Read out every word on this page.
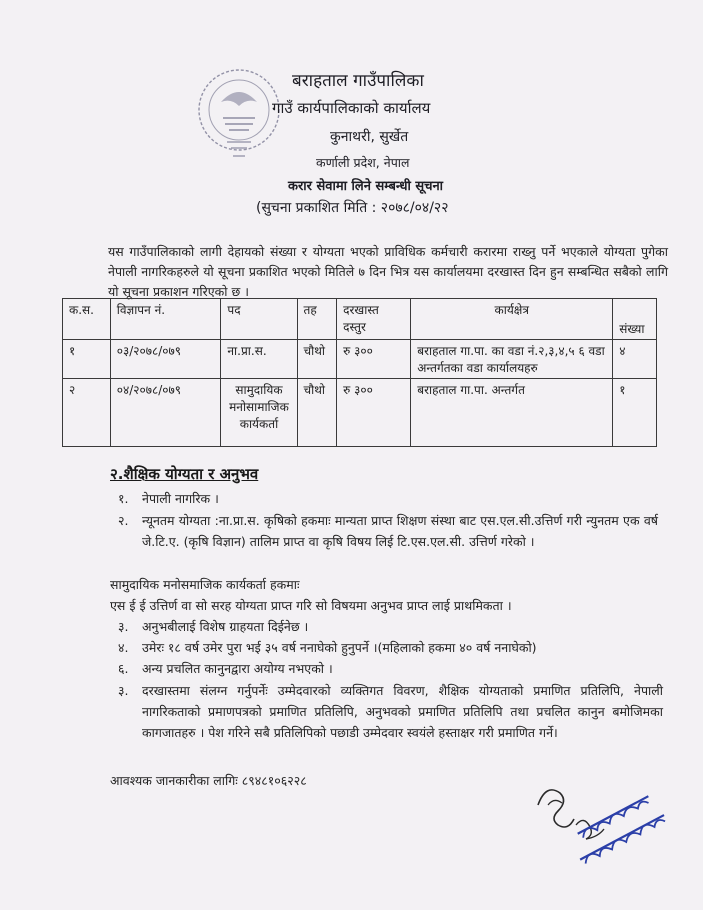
बराहताल गाउँपालिका
गाउँ कार्यपालिकाको कार्यालय
कुनाथरी, सुर्खेत
कर्णाली प्रदेश, नेपाल
करार सेवामा लिने सम्बन्धी सूचना
(सुचना प्रकाशित मिति : २०७८/०४/२२
यस गाउँपालिकाको लागी देहायको संख्या र योग्यता भएको प्राविधिक कर्मचारी करारमा राख्नु पर्ने भएकाले योग्यता पुगेका नेपाली नागरिकहरुले यो सूचना प्रकाशित भएको मितिले ७ दिन भित्र यस कार्यालयमा दरखास्त दिन हुन सम्बन्धित सबैको लागि यो सूचना प्रकाशन गरिएको छ ।
क.स.	विज्ञापन नं.	पद	तह	दरखास्त दस्तुर	कार्यक्षेत्र	संख्या
१	०३/२०७८/०७९	ना.प्रा.स.	चौथो	रु ३००	बराहताल गा.पा. का वडा नं.२,३,४,५ ६ वडा अन्तर्गतका वडा कार्यालयहरु	४
२	०४/२०७८/०७९	सामुदायिक मनोसामाजिक कार्यकर्ता	चौथो	रु ३००	बराहताल गा.पा. अन्तर्गत	१
२.शैक्षिक योग्यता र अनुभव
१.	नेपाली नागरिक ।
२.	न्यूनतम योग्यता :ना.प्रा.स. कृषिको हकमाः मान्यता प्राप्त शिक्षण संस्था बाट एस.एल.सी.उत्तिर्ण गरी न्युनतम एक वर्ष जे.टि.ए. (कृषि विज्ञान) तालिम प्राप्त वा कृषि विषय लिई टि.एस.एल.सी. उत्तिर्ण गरेको ।
सामुदायिक मनोसमाजिक कार्यकर्ता हकमाः
एस ई ई उत्तिर्ण वा सो सरह योग्यता प्राप्त गरि सो विषयमा अनुभव प्राप्त लाई प्राथमिकता ।
३.	अनुभबीलाई विशेष ग्राहयता दिईनेछ ।
४.	उमेरः १८ वर्ष उमेर पुरा भई ३५ वर्ष ननाघेको हुनुपर्ने ।(महिलाको हकमा ४० वर्ष ननाघेको)
६.	अन्य प्रचलित कानुनद्वारा अयोग्य नभएको ।
३.	दरखास्तमा संलग्न गर्नुपर्नेः उम्मेदवारको व्यक्तिगत विवरण, शैक्षिक योग्यताको प्रमाणित प्रतिलिपि, नेपाली नागरिकताको प्रमाणपत्रको प्रमाणित प्रतिलिपि, अनुभवको प्रमाणित प्रतिलिपि तथा प्रचलित कानुन बमोजिमका कागजातहरु । पेश गरिने सबै प्रतिलिपिको पछाडी उम्मेदवार स्वयंले हस्ताक्षर गरी प्रमाणित गर्ने।
आवश्यक जानकारीका लागिः ८९४८१०६२२८
